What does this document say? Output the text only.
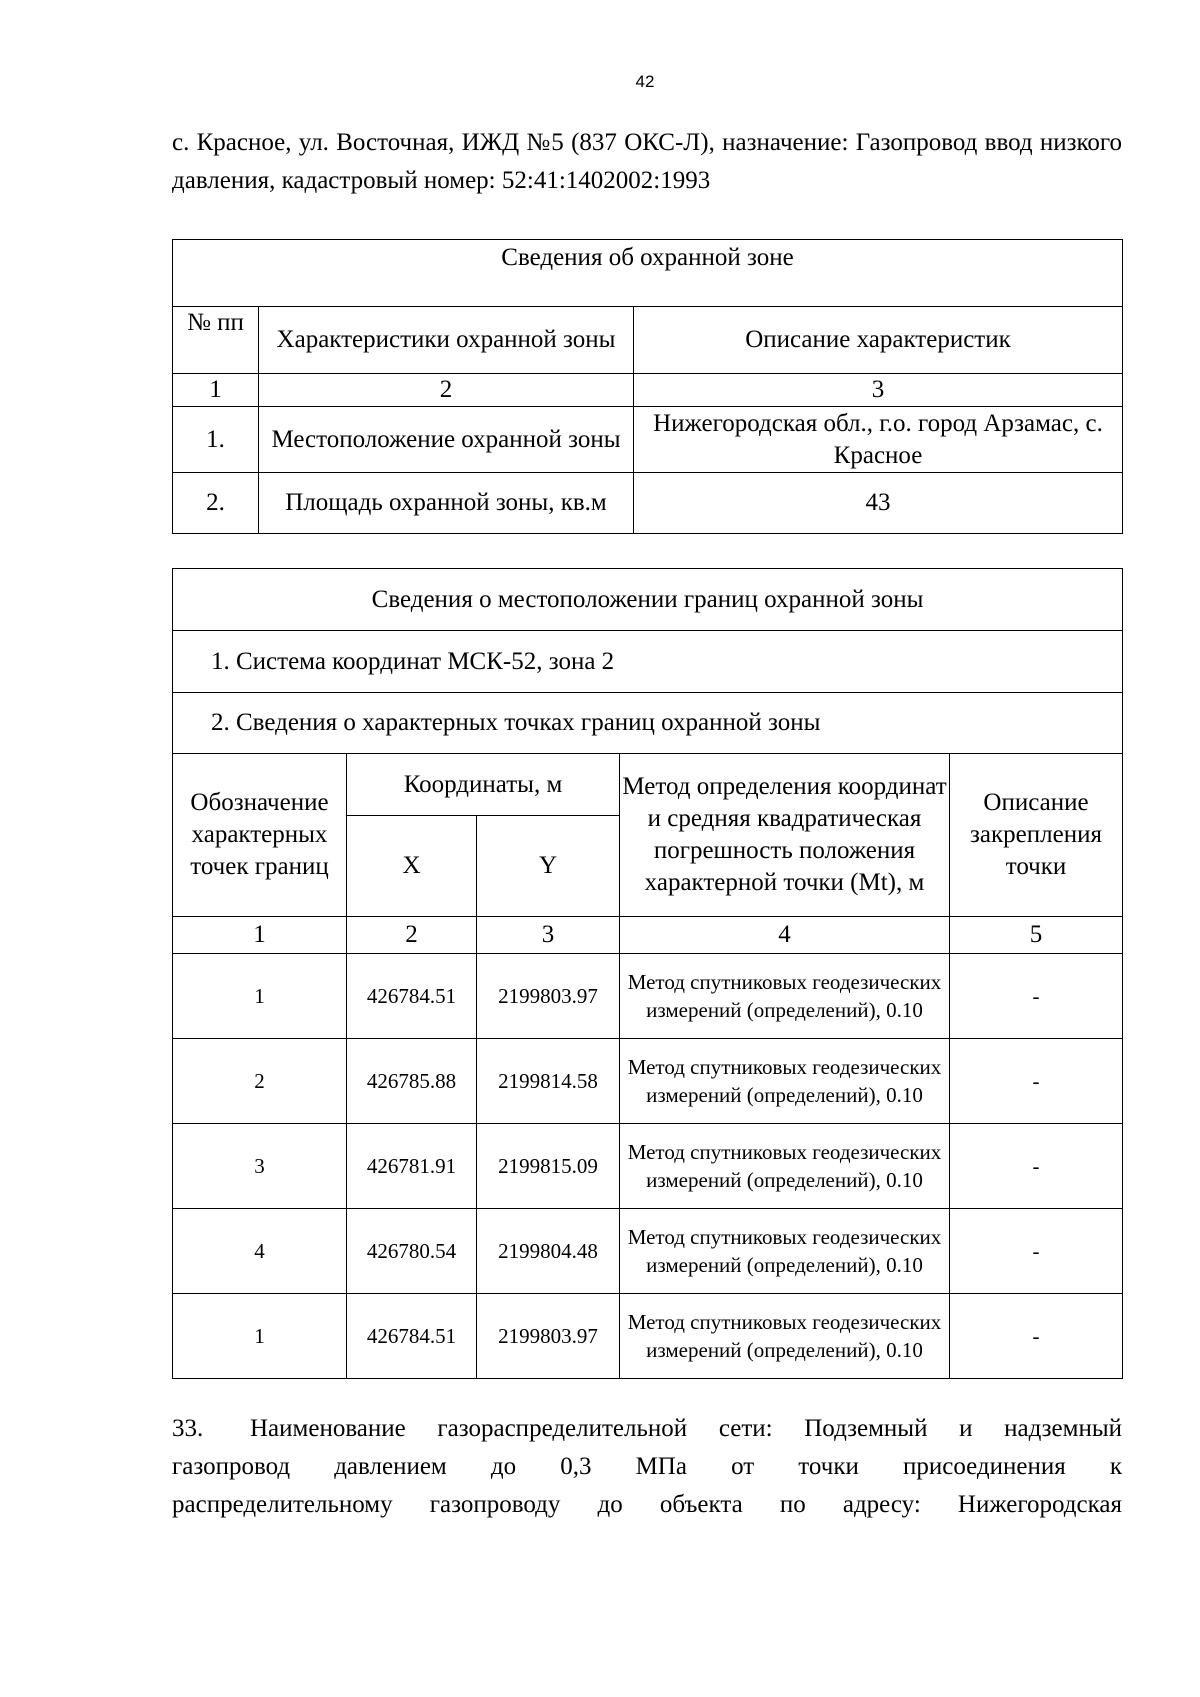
42
с. Красное, ул. Восточная, ИЖД №5 (837 ОКС-Л), назначение: Газопровод ввод низкого давления, кадастровый номер: 52:41:1402002:1993
Сведения об охранной зоне		
№ пп	Характеристики охранной зоны	Описание характеристик
1	2	3
1.	Местоположение охранной зоны	Нижегородская обл., г.о. город Арзамас, с. Красное
2.	Площадь охранной зоны, кв.м	43
Сведения о местоположении границ охранной зоны				
1. Система координат МСК-52, зона 2				
2. Сведения о характерных точках границ охранной зоны				
Обозначение характерных точек границ	Координаты, м		Метод определения координат и средняя квадратическая погрешность положения характерной точки (Mt), м	Описание закрепления точки
	X	Y		
1	2	3	4	5
1	426784.51	2199803.97	Метод спутниковых геодезических измерений (определений), 0.10	-
2	426785.88	2199814.58	Метод спутниковых геодезических измерений (определений), 0.10	-
3	426781.91	2199815.09	Метод спутниковых геодезических измерений (определений), 0.10	-
4	426780.54	2199804.48	Метод спутниковых геодезических измерений (определений), 0.10	-
1	426784.51	2199803.97	Метод спутниковых геодезических измерений (определений), 0.10	-
33. Наименование газораспределительной сети: Подземный и надземный
газопровод давлением до 0,3 МПа от точки присоединения к
распределительному газопроводу до объекта по адресу: Нижегородская
